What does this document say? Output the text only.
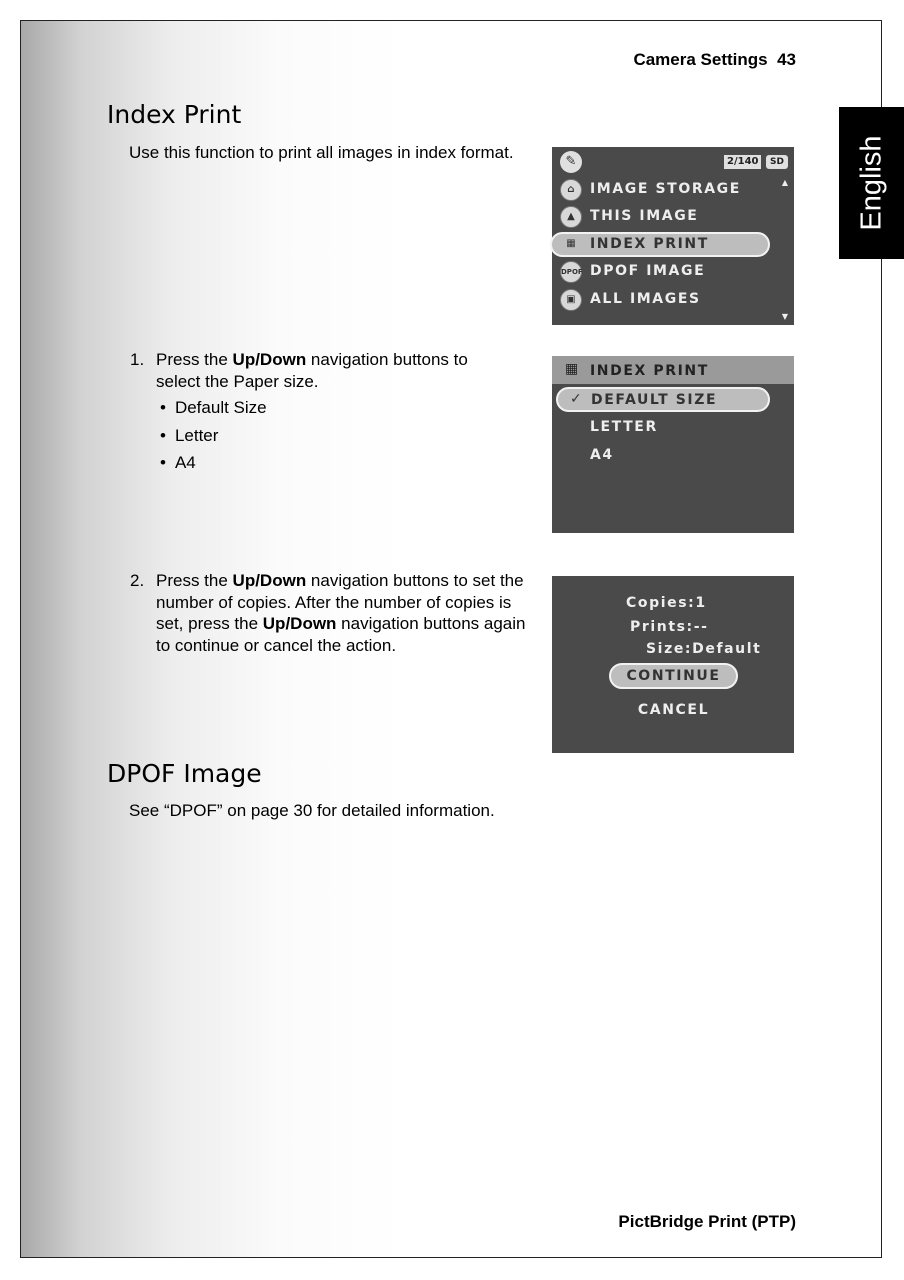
Camera Settings 43
English
Index Print
Use this function to print all images in index format.
1. Press the Up/Down navigation buttons to select the Paper size.
• Default Size
• Letter
• A4
2. Press the Up/Down navigation buttons to set the number of copies. After the number of copies is set, press the Up/Down navigation buttons again to continue or cancel the action.
DPOF Image
See “DPOF” on page 30 for detailed information.
✎	2/140	SD
▲
⌂	IMAGE STORAGE
▲	THIS IMAGE
▦	INDEX PRINT
DPOF DPOF IMAGE
▣	ALL IMAGES
▼
▦ INDEX PRINT
✓ DEFAULT SIZE
LETTER
A4
Copies:1
Prints:--
Size:Default
CONTINUE
CANCEL
PictBridge Print (PTP)
